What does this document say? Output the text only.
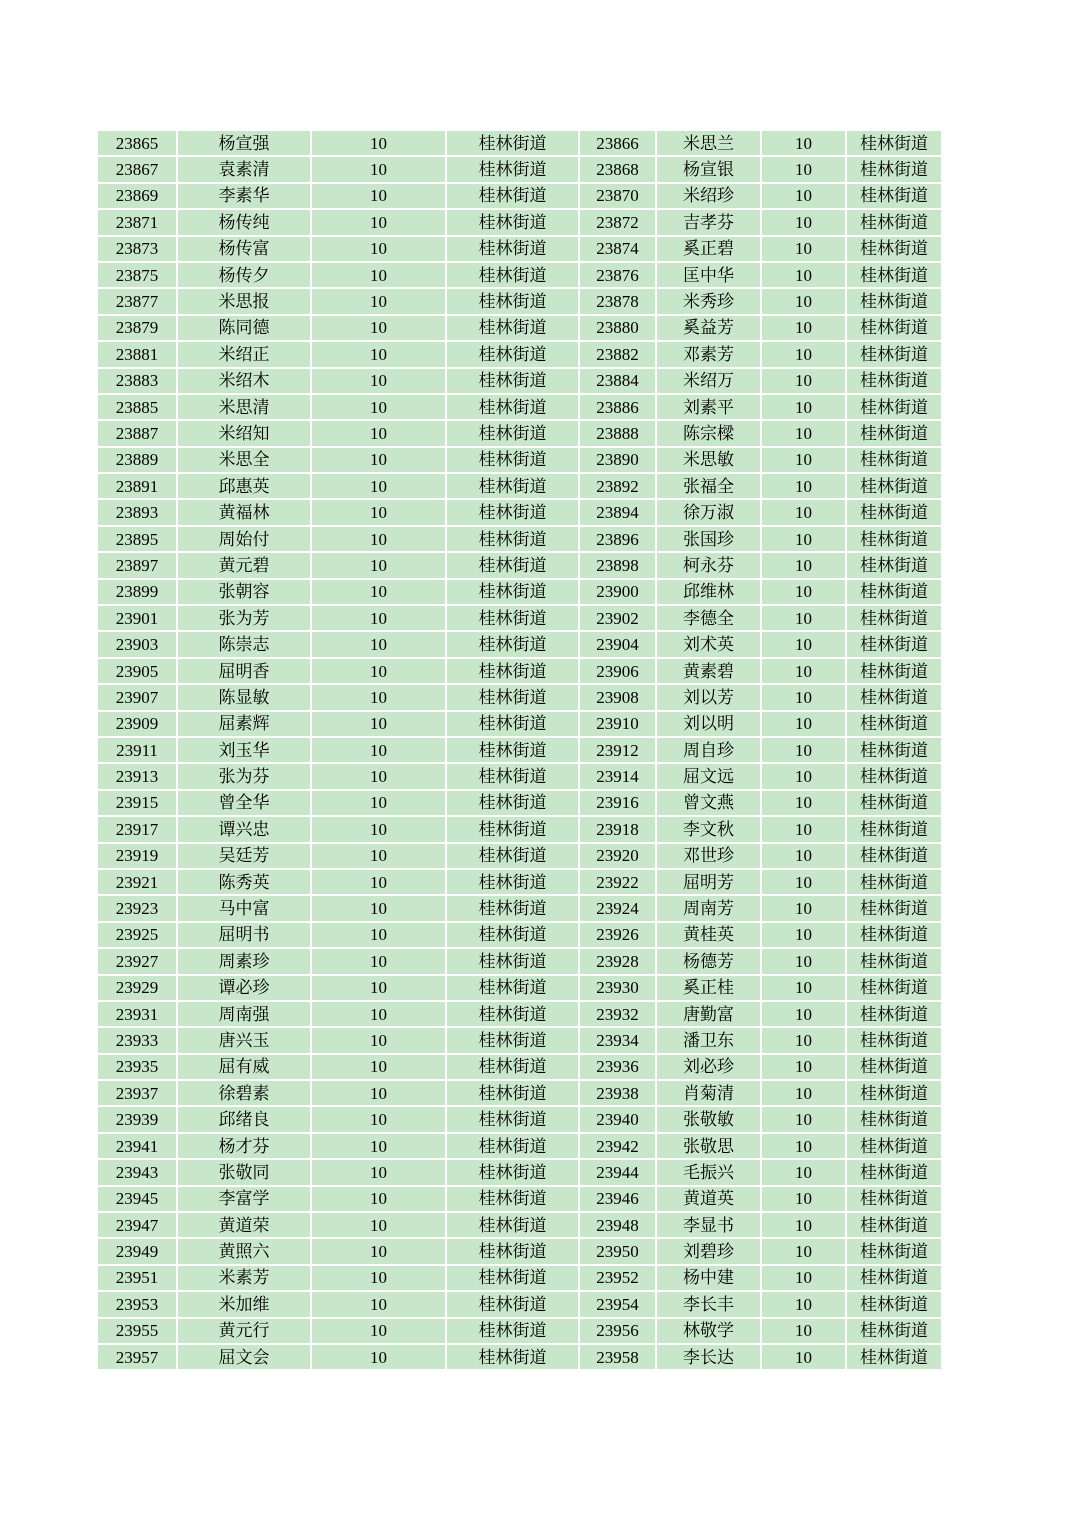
23865	杨宣强	10	桂林街道	23866	米思兰	10	桂林街道
23867	袁素清	10	桂林街道	23868	杨宣银	10	桂林街道
23869	李素华	10	桂林街道	23870	米绍珍	10	桂林街道
23871	杨传纯	10	桂林街道	23872	吉孝芬	10	桂林街道
23873	杨传富	10	桂林街道	23874	奚正碧	10	桂林街道
23875	杨传夕	10	桂林街道	23876	匡中华	10	桂林街道
23877	米思报	10	桂林街道	23878	米秀珍	10	桂林街道
23879	陈同德	10	桂林街道	23880	奚益芳	10	桂林街道
23881	米绍正	10	桂林街道	23882	邓素芳	10	桂林街道
23883	米绍木	10	桂林街道	23884	米绍万	10	桂林街道
23885	米思清	10	桂林街道	23886	刘素平	10	桂林街道
23887	米绍知	10	桂林街道	23888	陈宗樑	10	桂林街道
23889	米思全	10	桂林街道	23890	米思敏	10	桂林街道
23891	邱惠英	10	桂林街道	23892	张福全	10	桂林街道
23893	黄福林	10	桂林街道	23894	徐万淑	10	桂林街道
23895	周始付	10	桂林街道	23896	张国珍	10	桂林街道
23897	黄元碧	10	桂林街道	23898	柯永芬	10	桂林街道
23899	张朝容	10	桂林街道	23900	邱维林	10	桂林街道
23901	张为芳	10	桂林街道	23902	李德全	10	桂林街道
23903	陈崇志	10	桂林街道	23904	刘术英	10	桂林街道
23905	屈明香	10	桂林街道	23906	黄素碧	10	桂林街道
23907	陈显敏	10	桂林街道	23908	刘以芳	10	桂林街道
23909	屈素辉	10	桂林街道	23910	刘以明	10	桂林街道
23911	刘玉华	10	桂林街道	23912	周自珍	10	桂林街道
23913	张为芬	10	桂林街道	23914	屈文远	10	桂林街道
23915	曾全华	10	桂林街道	23916	曾文燕	10	桂林街道
23917	谭兴忠	10	桂林街道	23918	李文秋	10	桂林街道
23919	吴廷芳	10	桂林街道	23920	邓世珍	10	桂林街道
23921	陈秀英	10	桂林街道	23922	屈明芳	10	桂林街道
23923	马中富	10	桂林街道	23924	周南芳	10	桂林街道
23925	屈明书	10	桂林街道	23926	黄桂英	10	桂林街道
23927	周素珍	10	桂林街道	23928	杨德芳	10	桂林街道
23929	谭必珍	10	桂林街道	23930	奚正桂	10	桂林街道
23931	周南强	10	桂林街道	23932	唐勤富	10	桂林街道
23933	唐兴玉	10	桂林街道	23934	潘卫东	10	桂林街道
23935	屈有威	10	桂林街道	23936	刘必珍	10	桂林街道
23937	徐碧素	10	桂林街道	23938	肖菊清	10	桂林街道
23939	邱绪良	10	桂林街道	23940	张敬敏	10	桂林街道
23941	杨才芬	10	桂林街道	23942	张敬思	10	桂林街道
23943	张敬同	10	桂林街道	23944	毛振兴	10	桂林街道
23945	李富学	10	桂林街道	23946	黄道英	10	桂林街道
23947	黄道荣	10	桂林街道	23948	李显书	10	桂林街道
23949	黄照六	10	桂林街道	23950	刘碧珍	10	桂林街道
23951	米素芳	10	桂林街道	23952	杨中建	10	桂林街道
23953	米加维	10	桂林街道	23954	李长丰	10	桂林街道
23955	黄元行	10	桂林街道	23956	林敬学	10	桂林街道
23957	屈文会	10	桂林街道	23958	李长达	10	桂林街道
